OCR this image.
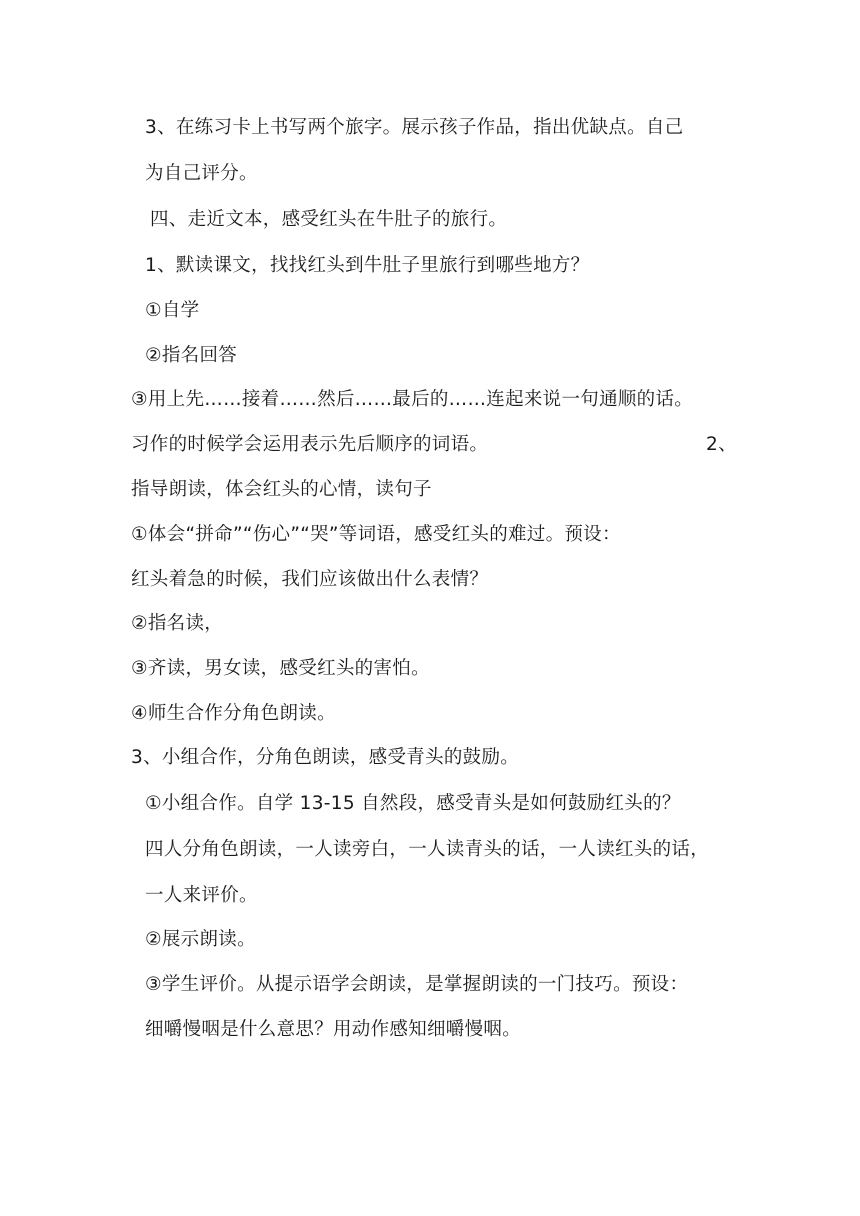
3、在练习卡上书写两个旅字。展示孩子作品，指出优缺点。自己
为自己评分。
四、走近文本，感受红头在牛肚子的旅行。
1、默读课文，找找红头到牛肚子里旅行到哪些地方？
①自学
②指名回答
③用上先……接着……然后……最后的……连起来说一句通顺的话。
习作的时候学会运用表示先后顺序的词语。	2、
指导朗读，体会红头的心情，读句子
①体会“拼命”“伤心”“哭”等词语，感受红头的难过。预设：
红头着急的时候，我们应该做出什么表情？
②指名读，
③齐读，男女读，感受红头的害怕。
④师生合作分角色朗读。
3、小组合作，分角色朗读，感受青头的鼓励。
①小组合作。自学 13-15 自然段，感受青头是如何鼓励红头的？
四人分角色朗读，一人读旁白，一人读青头的话，一人读红头的话，
一人来评价。
②展示朗读。
③学生评价。从提示语学会朗读，是掌握朗读的一门技巧。预设：
细嚼慢咽是什么意思？用动作感知细嚼慢咽。
